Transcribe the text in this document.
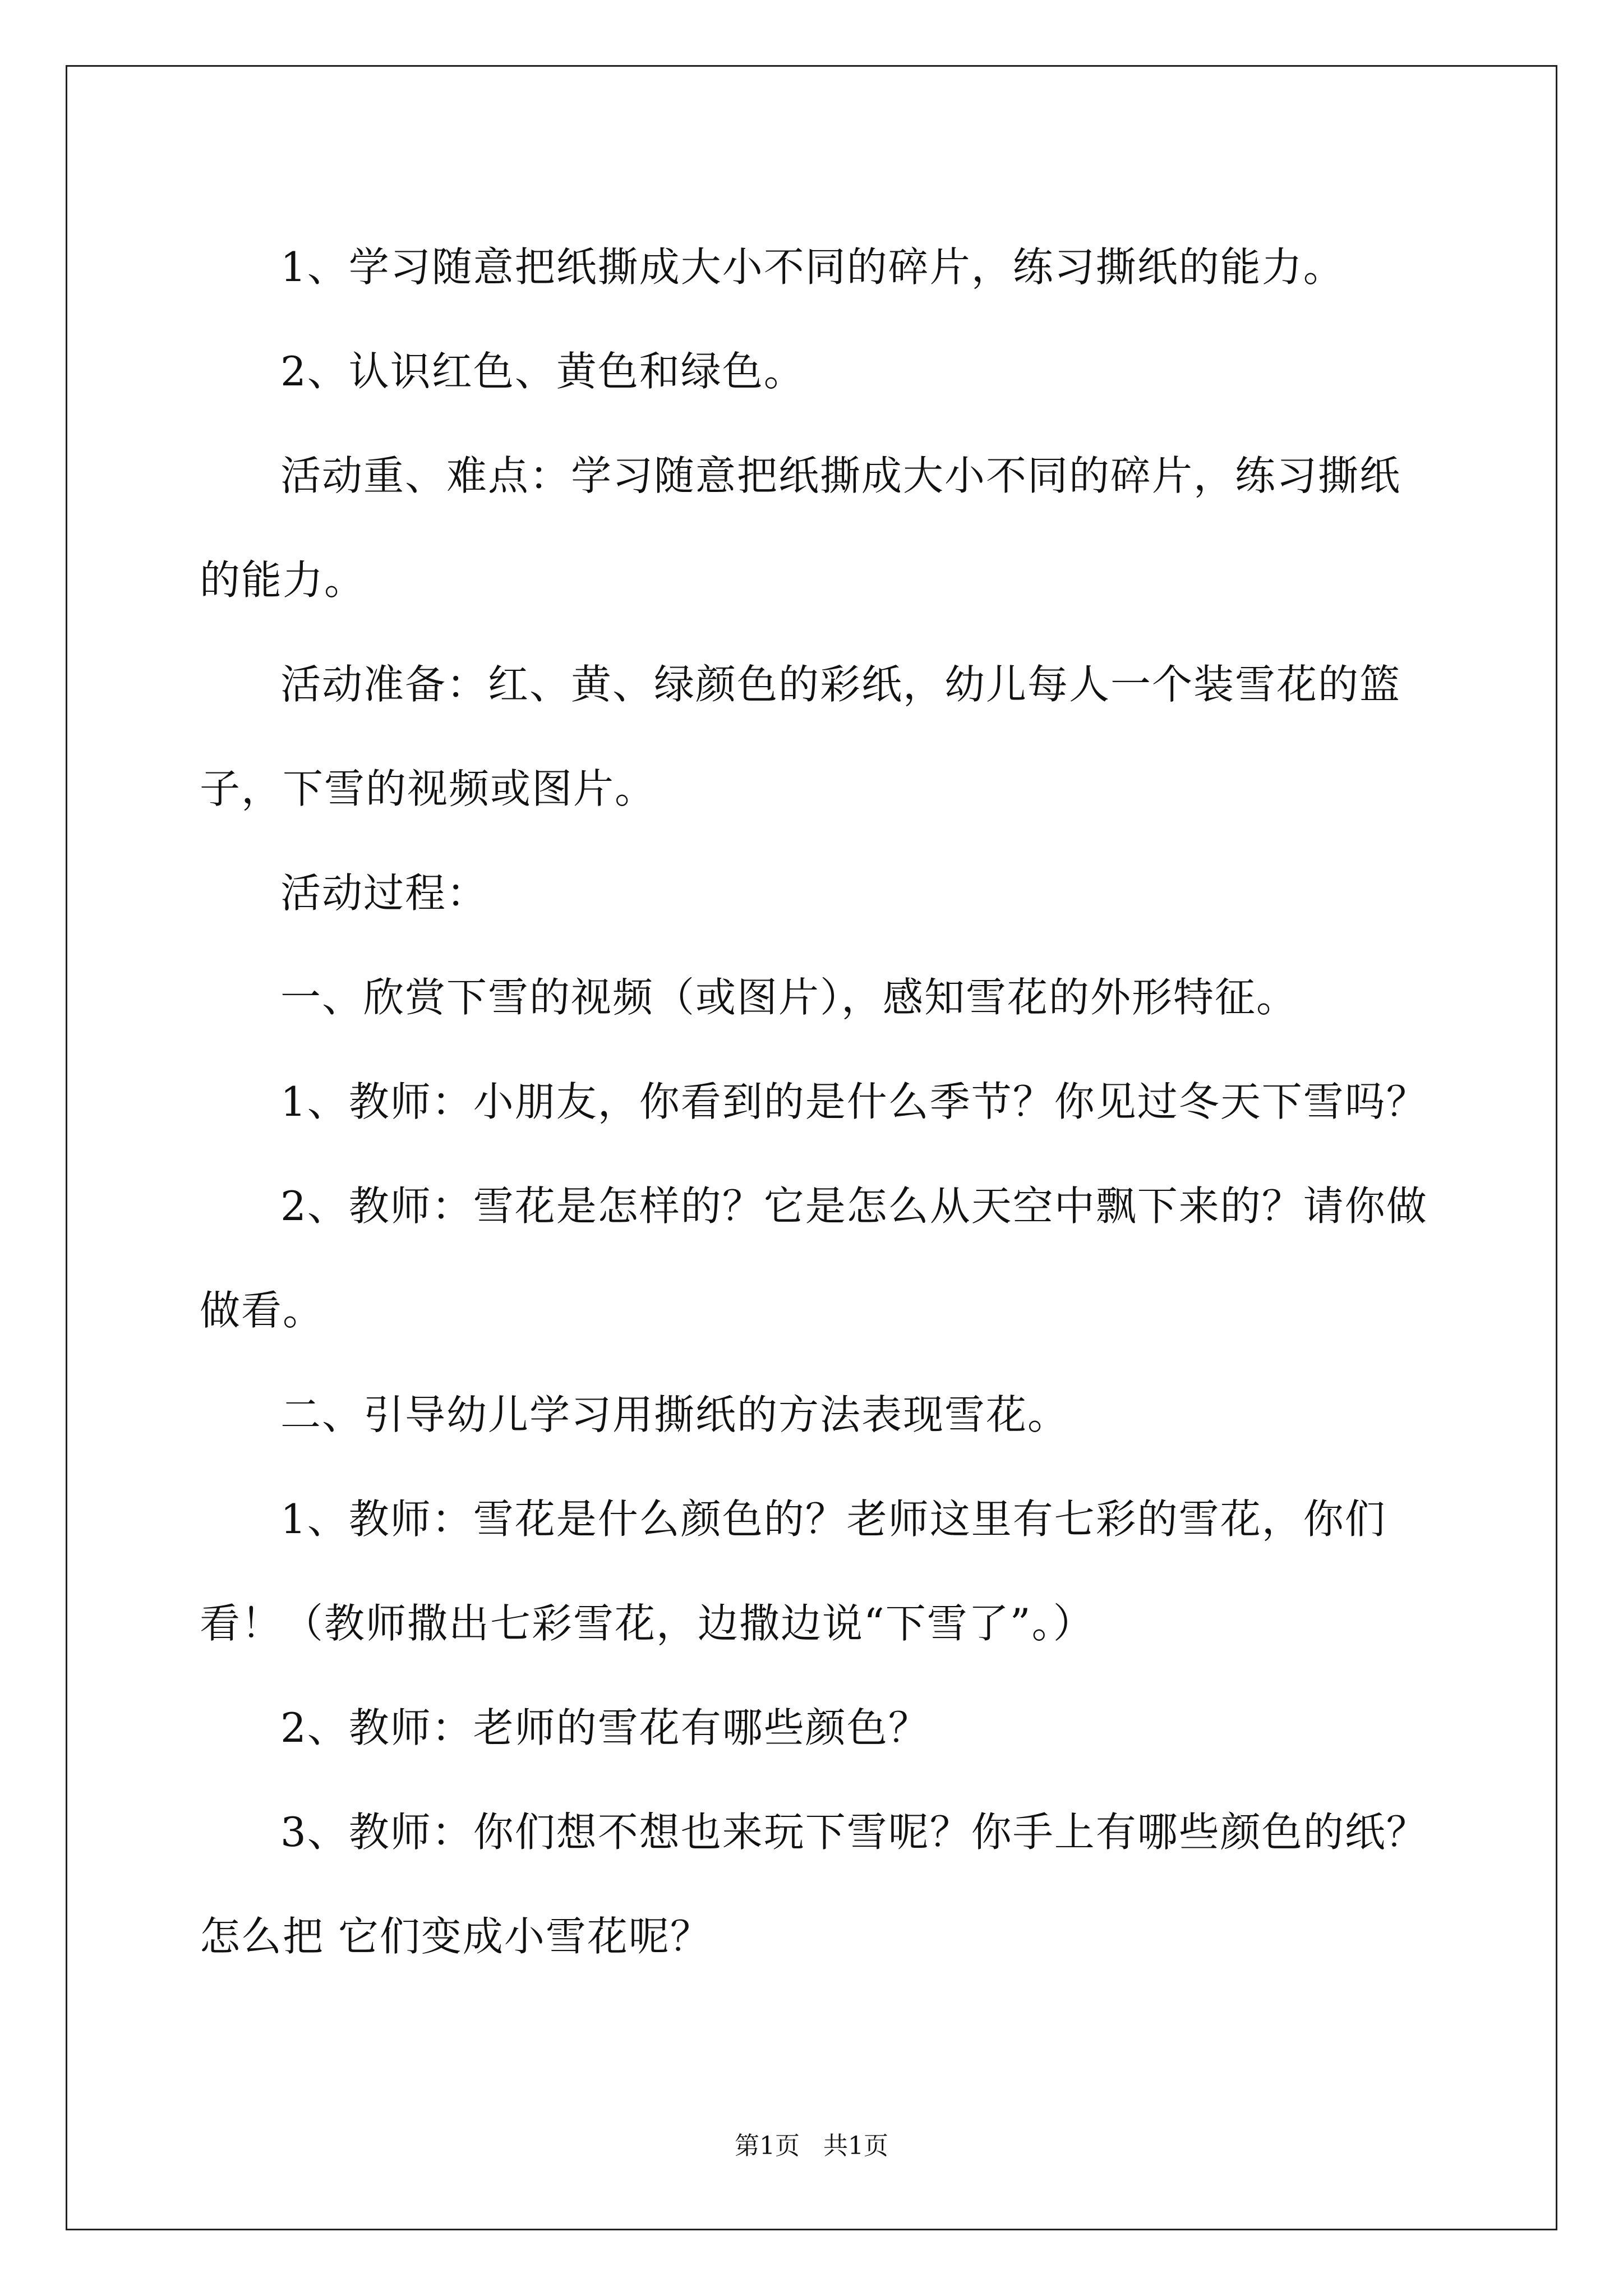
1、学习随意把纸撕成大小不同的碎片，练习撕纸的能力。

2、认识红色、黄色和绿色。

活动重、难点：学习随意把纸撕成大小不同的碎片，练习撕纸的能力。

活动准备：红、黄、绿颜色的彩纸，幼儿每人一个装雪花的篮子，下雪的视频或图片。

活动过程：

一、欣赏下雪的视频（或图片），感知雪花的外形特征。

1、教师：小朋友，你看到的是什么季节？你见过冬天下雪吗？

2、教师：雪花是怎样的？它是怎么从天空中飘下来的？请你做做看。

二、引导幼儿学习用撕纸的方法表现雪花。

1、教师：雪花是什么颜色的？老师这里有七彩的雪花，你们看！（教师撒出七彩雪花，边撒边说“下雪了”。）

2、教师：老师的雪花有哪些颜色？

3、教师：你们想不想也来玩下雪呢？你手上有哪些颜色的纸？怎么把 它们变成小雪花呢？

第1页 共1页
